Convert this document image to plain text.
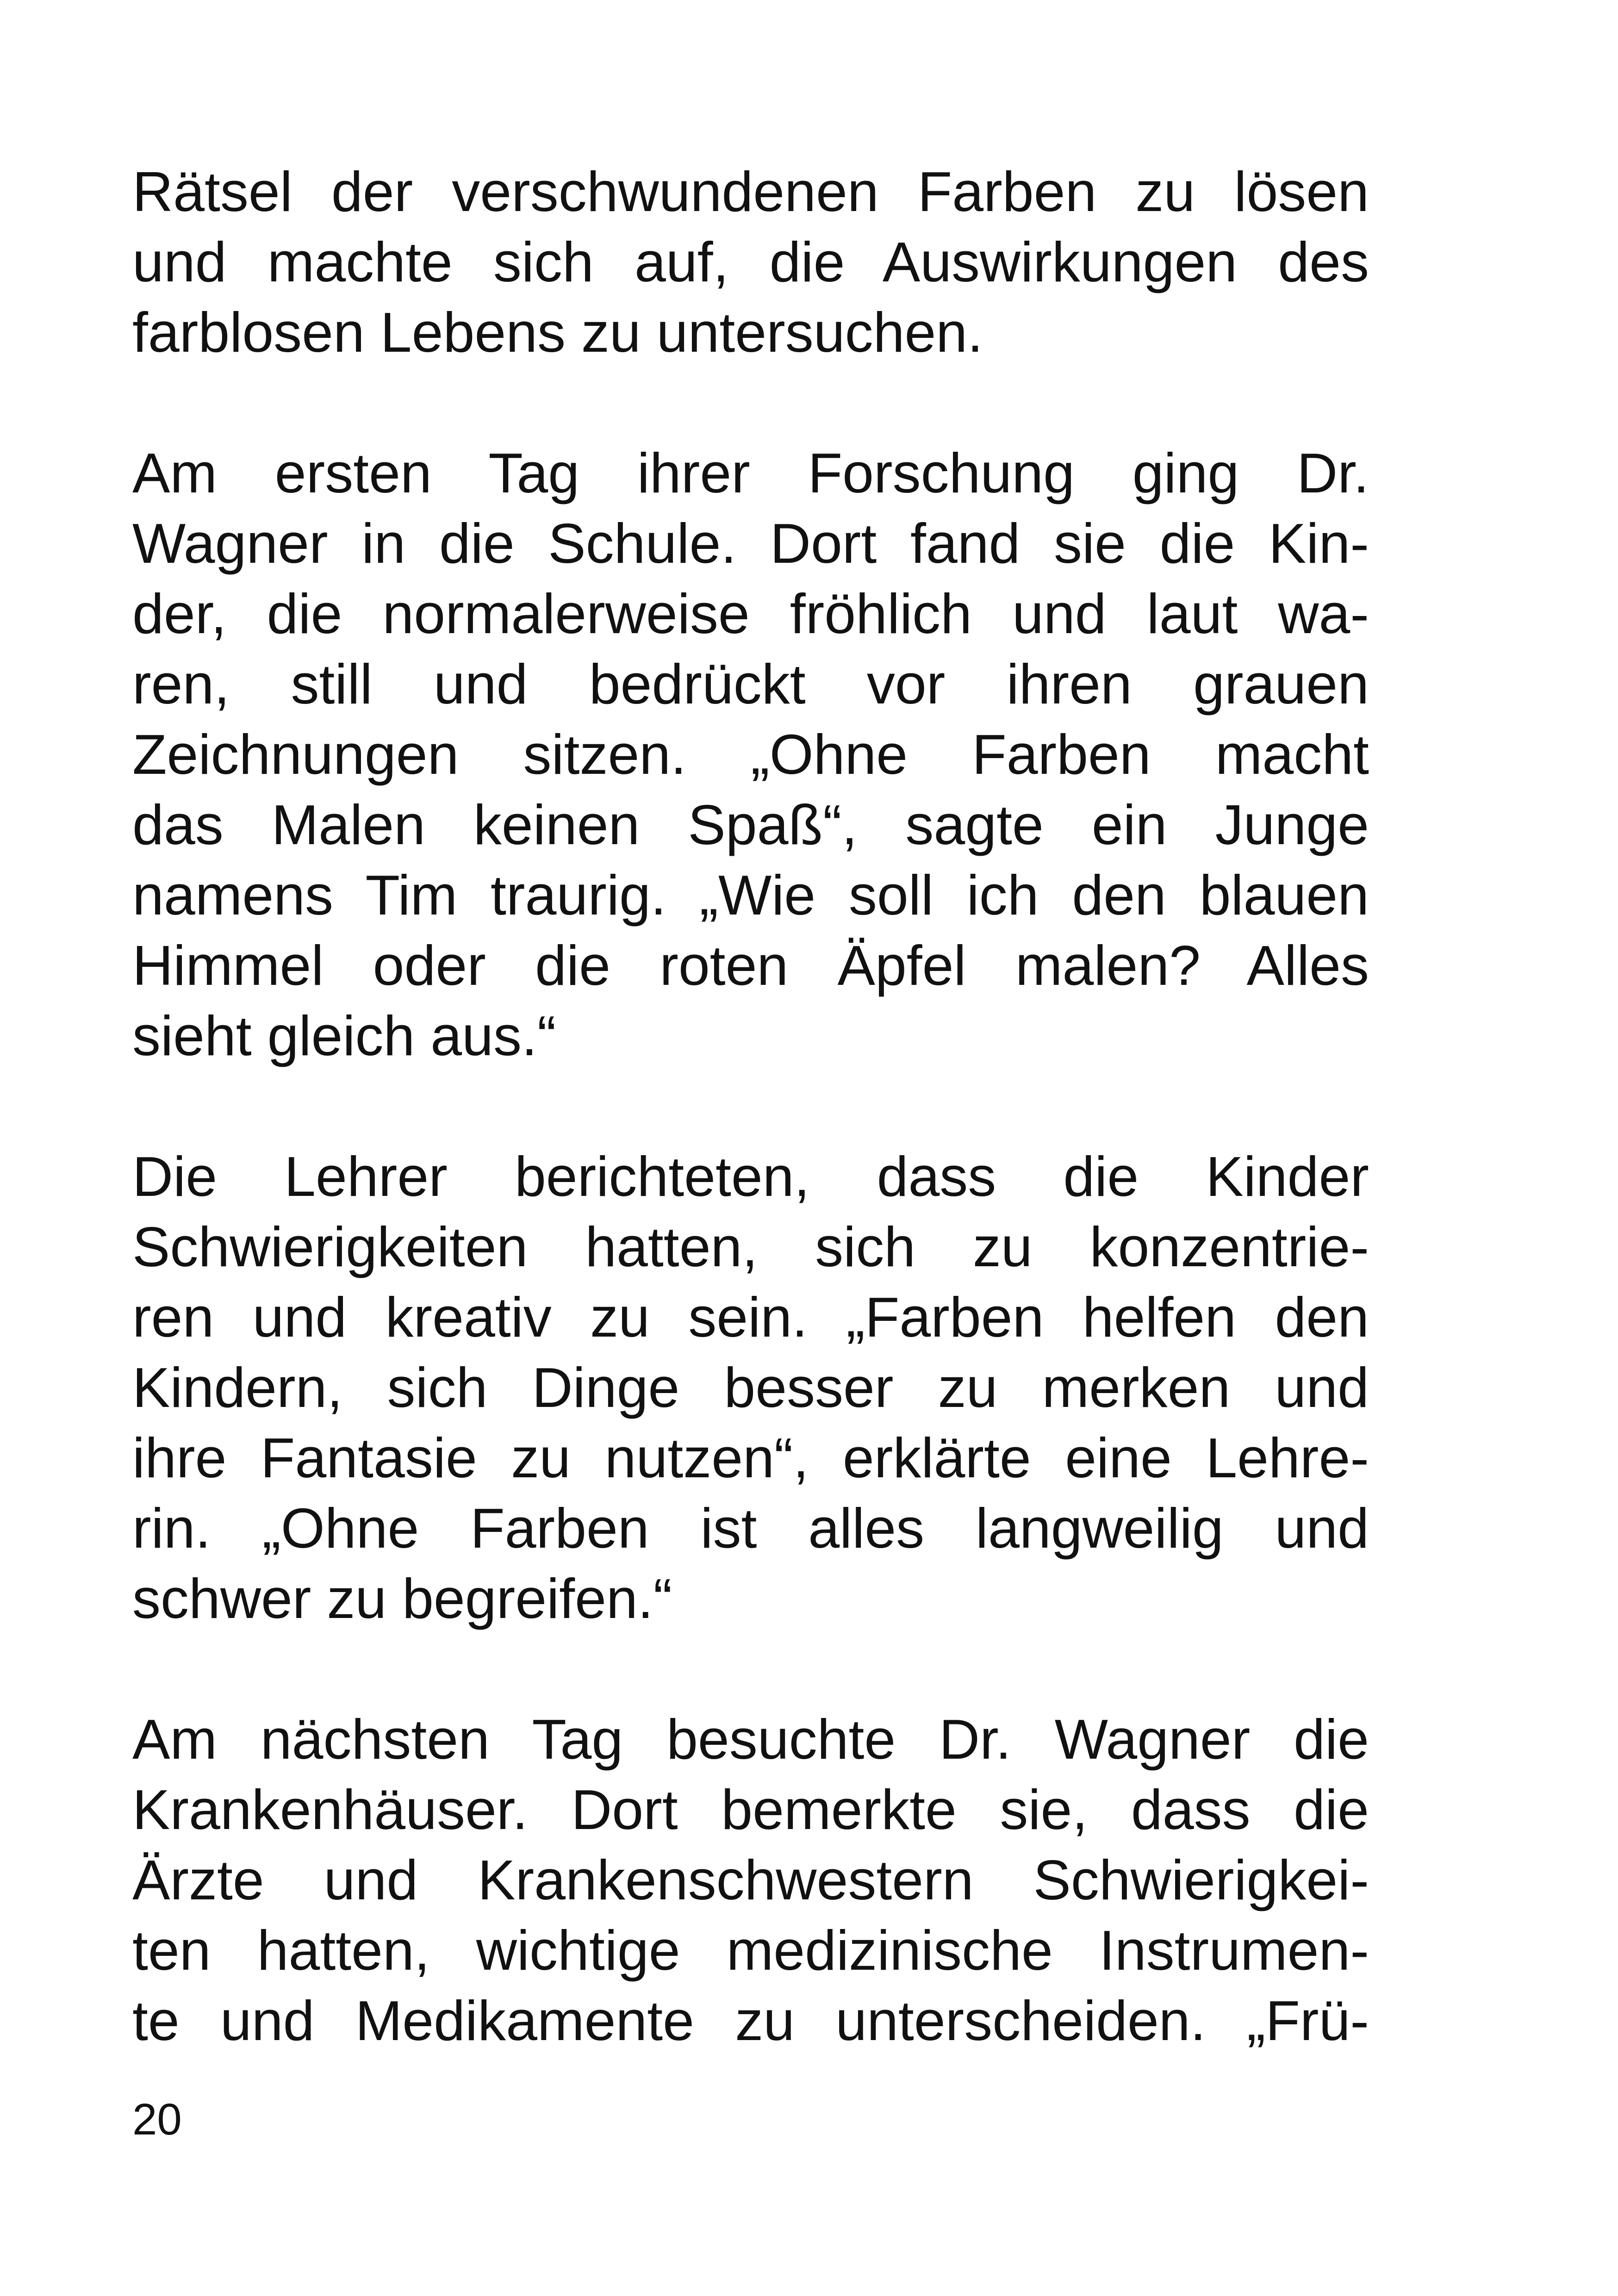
Rätsel der verschwundenen Farben zu lösen
und machte sich auf, die Auswirkungen des
farblosen Lebens zu untersuchen.

Am ersten Tag ihrer Forschung ging Dr.
Wagner in die Schule. Dort fand sie die Kin-
der, die normalerweise fröhlich und laut wa-
ren, still und bedrückt vor ihren grauen
Zeichnungen sitzen. „Ohne Farben macht
das Malen keinen Spaß“, sagte ein Junge
namens Tim traurig. „Wie soll ich den blauen
Himmel oder die roten Äpfel malen? Alles
sieht gleich aus.“

Die Lehrer berichteten, dass die Kinder
Schwierigkeiten hatten, sich zu konzentrie-
ren und kreativ zu sein. „Farben helfen den
Kindern, sich Dinge besser zu merken und
ihre Fantasie zu nutzen“, erklärte eine Lehre-
rin. „Ohne Farben ist alles langweilig und
schwer zu begreifen.“

Am nächsten Tag besuchte Dr. Wagner die
Krankenhäuser. Dort bemerkte sie, dass die
Ärzte und Krankenschwestern Schwierigkei-
ten hatten, wichtige medizinische Instrumen-
te und Medikamente zu unterscheiden. „Frü-

20
